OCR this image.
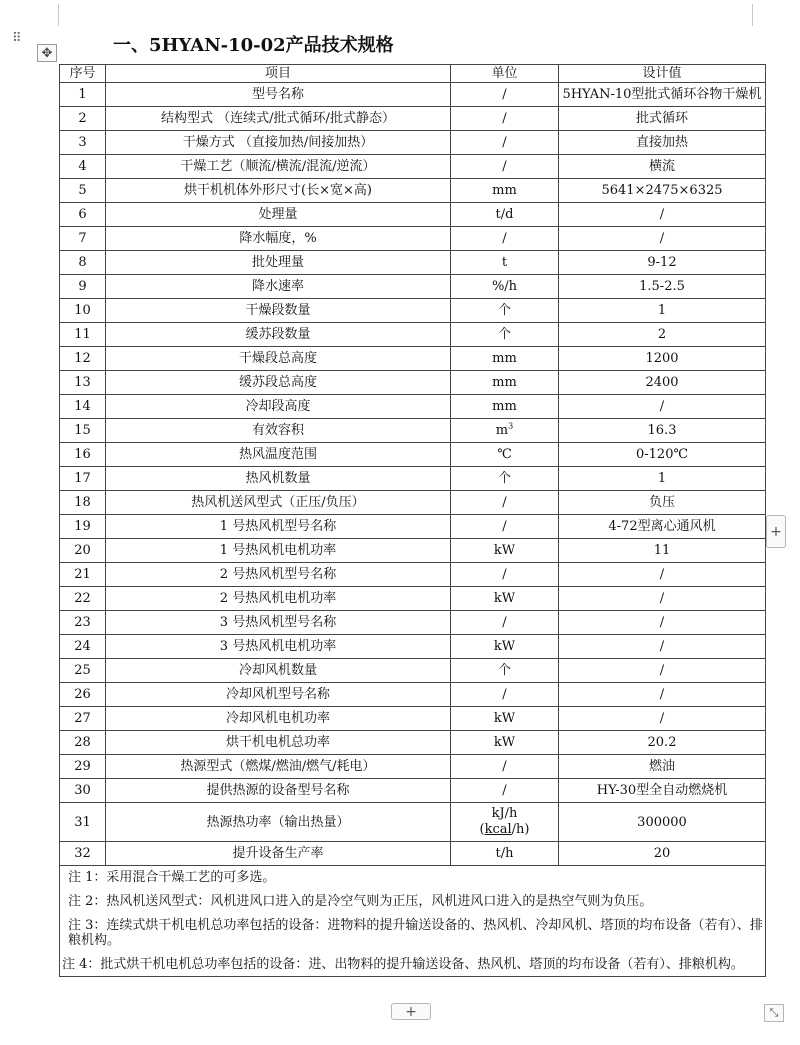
⠿
✥	一、5HYAN-10-02产品技术规格
序号	项目	单位	设计值
1	型号名称	/	5HYAN-10型批式循环谷物干燥机
2	结构型式 （连续式/批式循环/批式静态）	/	批式循环
3	干燥方式 （直接加热/间接加热）	/	直接加热
4	干燥工艺（顺流/横流/混流/逆流）	/	横流
5	烘干机机体外形尺寸(长×宽×高)	mm	5641×2475×6325
6	处理量	t/d	/
7	降水幅度，%	/	/
8	批处理量	t	9-12
9	降水速率	%/h	1.5-2.5
10	干燥段数量	个	1
11	缓苏段数量	个	2
12	干燥段总高度	mm	1200
13	缓苏段总高度	mm	2400
14	冷却段高度	mm	/
15	有效容积	$m^3$	16.3
16	热风温度范围	℃	0-120℃
17	热风机数量	个	1
18	热风机送风型式（正压/负压）	/	负压
19	1 号热风机型号名称	/	4-72型离心通风机
20	1 号热风机电机功率	kW	11
21	2 号热风机型号名称	/	/
22	2 号热风机电机功率	kW	/
23	3 号热风机型号名称	/	/
24	3 号热风机电机功率	kW	/
25	冷却风机数量	个	/
26	冷却风机型号名称	/	/
27	冷却风机电机功率	kW	/
28	烘干机电机总功率	kW	20.2
29	热源型式（燃煤/燃油/燃气/耗电）	/	燃油
30	提供热源的设备型号名称	/	HY-30型全自动燃烧机
31	热源热功率（输出热量）	kJ/h
(kcal/h)	300000
32	提升设备生产率	t/h	20

注 1：采用混合干燥工艺的可多选。
注 2：热风机送风型式：风机进风口进入的是冷空气则为正压，风机进风口进入的是热空气则为负压。
注 3：连续式烘干机电机总功率包括的设备：进物料的提升输送设备的、热风机、冷却风机、塔顶的均布设备（若有）、排粮机构。
注 4：批式烘干机电机总功率包括的设备：进、出物料的提升输送设备、热风机、塔顶的均布设备（若有）、排粮机构。			
+
+	⤡
